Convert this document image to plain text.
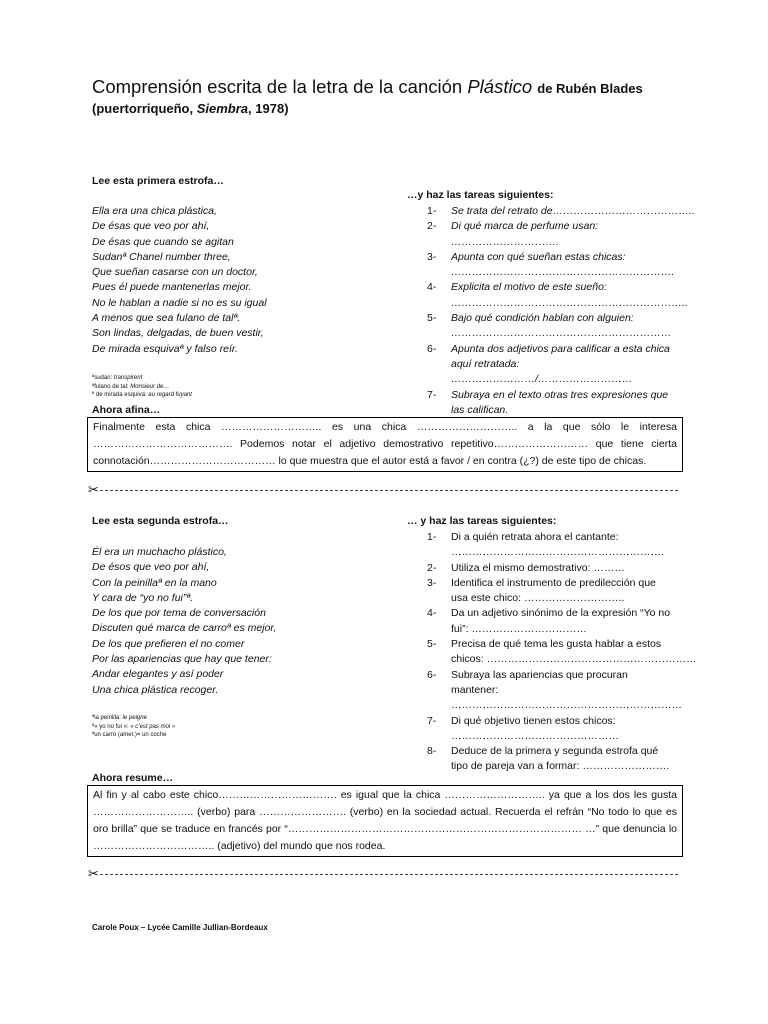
Comprensión escrita de la letra de la canción Plástico de Rubén Blades
(puertorriqueño, Siembra, 1978)
Lee esta primera estrofa…
…y haz las tareas siguientes:
Ella era una chica plástica,
De ésas que veo por ahí,
De ésas que cuando se agitan
Sudanª Chanel number three,
Que sueñan casarse con un doctor,
Pues él puede mantenerlas mejor.
No le hablan a nadie si no es su igual
A menos que sea fulano de talª.
Son lindas, delgadas, de buen vestir,
De mirada esquivaª y falso reír.
ªsudan: transpirent
ªfulano de tal: Monsieur de…
ª de mirada esquiva: au regard fuyant
1- Se trata del retrato de…………………………………..
2- Di qué marca de perfume usan:
………………………….
3- Apunta con qué sueñan estas chicas:
……………………………………………………….
4- Explicita el motivo de este sueño:
…………………………………………………………..
5- Bajo qué condición hablan con alguien:
………………………………………………………
6- Apunta dos adjetivos para calificar a esta chica
aquí retratada: ……………………/………………………
7- Subraya en el texto otras tres expresiones que
las califican.
Ahora afina…
Finalmente esta chica ……………………….. es una chica ……………………….. a la que sólo le interesa …………………………………. Podemos notar el adjetivo demostrativo repetitivo……………………… que tiene cierta connotación……………………………… lo que muestra que el autor está a favor / en contra (¿?) de este tipo de chicas.
✂
Lee esta segunda estrofa…	… y haz las tareas siguientes:
Él era un muchacho plástico,
De ésos que veo por ahí,
Con la peinillaª en la mano
Y cara de “yo no fui”ª.
De los que por tema de conversación
Discuten qué marca de carroª es mejor,
De los que prefieren el no comer
Por las apariencias que hay que tener:
Andar elegantes y así poder
Una chica plástica recoger.
ªla peinilla: le peigne
ª« yo no fui »: « c’est pas moi »
ªun carro (amer.)= un coche
1- Di a quién retrata ahora el cantante:
…………………………………………………….
2- Utiliza el mismo demostrativo: ………
3- Identifica el instrumento de predilección que
usa este chico: ………………………..
4- Da un adjetivo sinónimo de la expresión “Yo no
fui”: ……………………………
5- Precisa de qué tema les gusta hablar a estos
chicos: ……………………………………………………
6- Subraya las apariencias que procuran
mantener: …………………………………………………………
7- Di qué objetivo tienen estos chicos:
…………………………………………
8- Deduce de la primera y segunda estrofa qué
tipo de pareja van a formar: …………………….
Ahora resume…
Al fin y al cabo este chico……………………………. es igual que la chica ……………………….. ya que a los dos les gusta ……………………….. (verbo) para ……………………. (verbo) en la sociedad actual. Recuerda el refrán “No todo lo que es oro brilla” que se traduce en francés por “………………………………………………………………………… …” que denuncia lo …………………………….. (adjetivo) del mundo que nos rodea.
✂
Carole Poux – Lycée Camille Jullian-Bordeaux
